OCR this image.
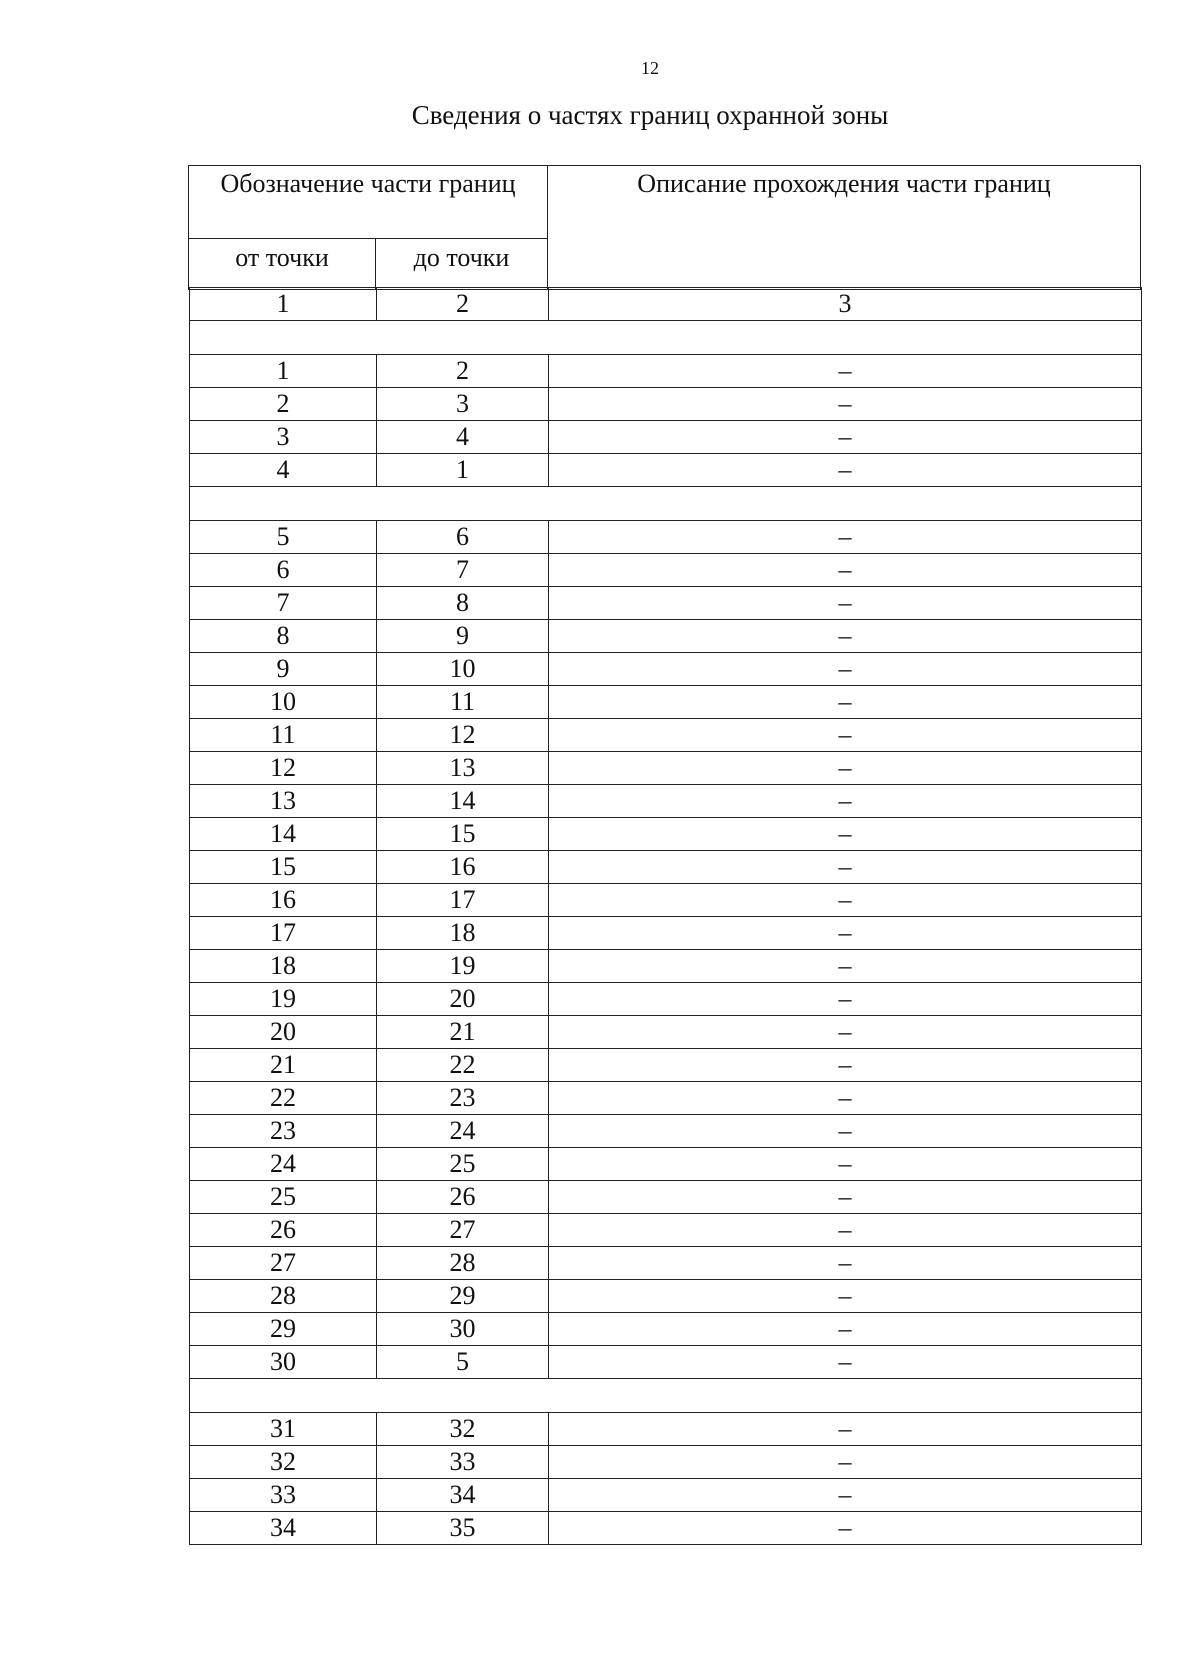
12
Сведения о частях границ охранной зоны
Обозначение части границ		Описание прохождения части границ
от точки	до точки	
1	2	3

1	2	–
2	3	–
3	4	–
4	1	–

5	6	–
6	7	–
7	8	–
8	9	–
9	10	–
10	11	–
11	12	–
12	13	–
13	14	–
14	15	–
15	16	–
16	17	–
17	18	–
18	19	–
19	20	–
20	21	–
21	22	–
22	23	–
23	24	–
24	25	–
25	26	–
26	27	–
27	28	–
28	29	–
29	30	–
30	5	–

31	32	–
32	33	–
33	34	–
34	35	–
